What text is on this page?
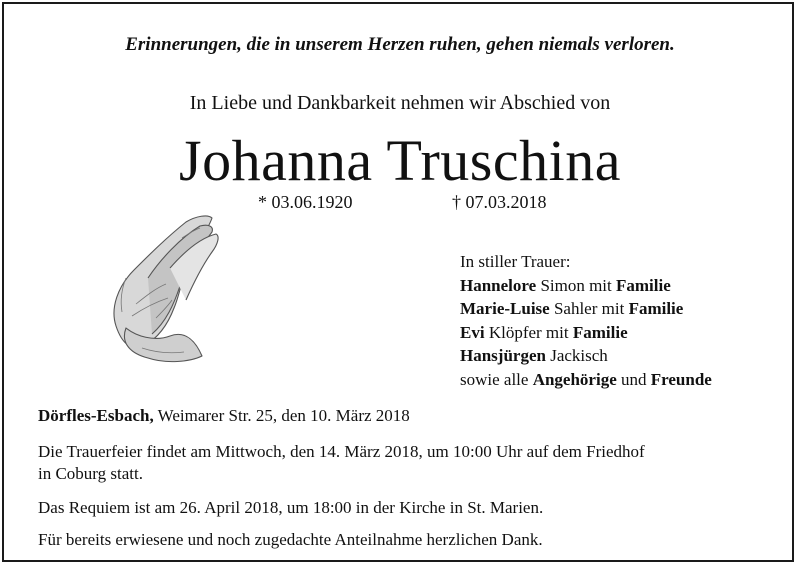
Erinnerungen, die in unserem Herzen ruhen, gehen niemals verloren.
In Liebe und Dankbarkeit nehmen wir Abschied von
Johanna Truschina
* 03.06.1920	† 07.03.2018
In stiller Trauer:
Hannelore Simon mit Familie
Marie-Luise Sahler mit Familie
Evi Klöpfer mit Familie
Hansjürgen Jackisch
sowie alle Angehörige und Freunde
Dörfles-Esbach, Weimarer Str. 25, den 10. März 2018
Die Trauerfeier findet am Mittwoch, den 14. März 2018, um 10:00 Uhr auf dem Friedhof
in Coburg statt.
Das Requiem ist am 26. April 2018, um 18:00 in der Kirche in St. Marien.
Für bereits erwiesene und noch zugedachte Anteilnahme herzlichen Dank.
